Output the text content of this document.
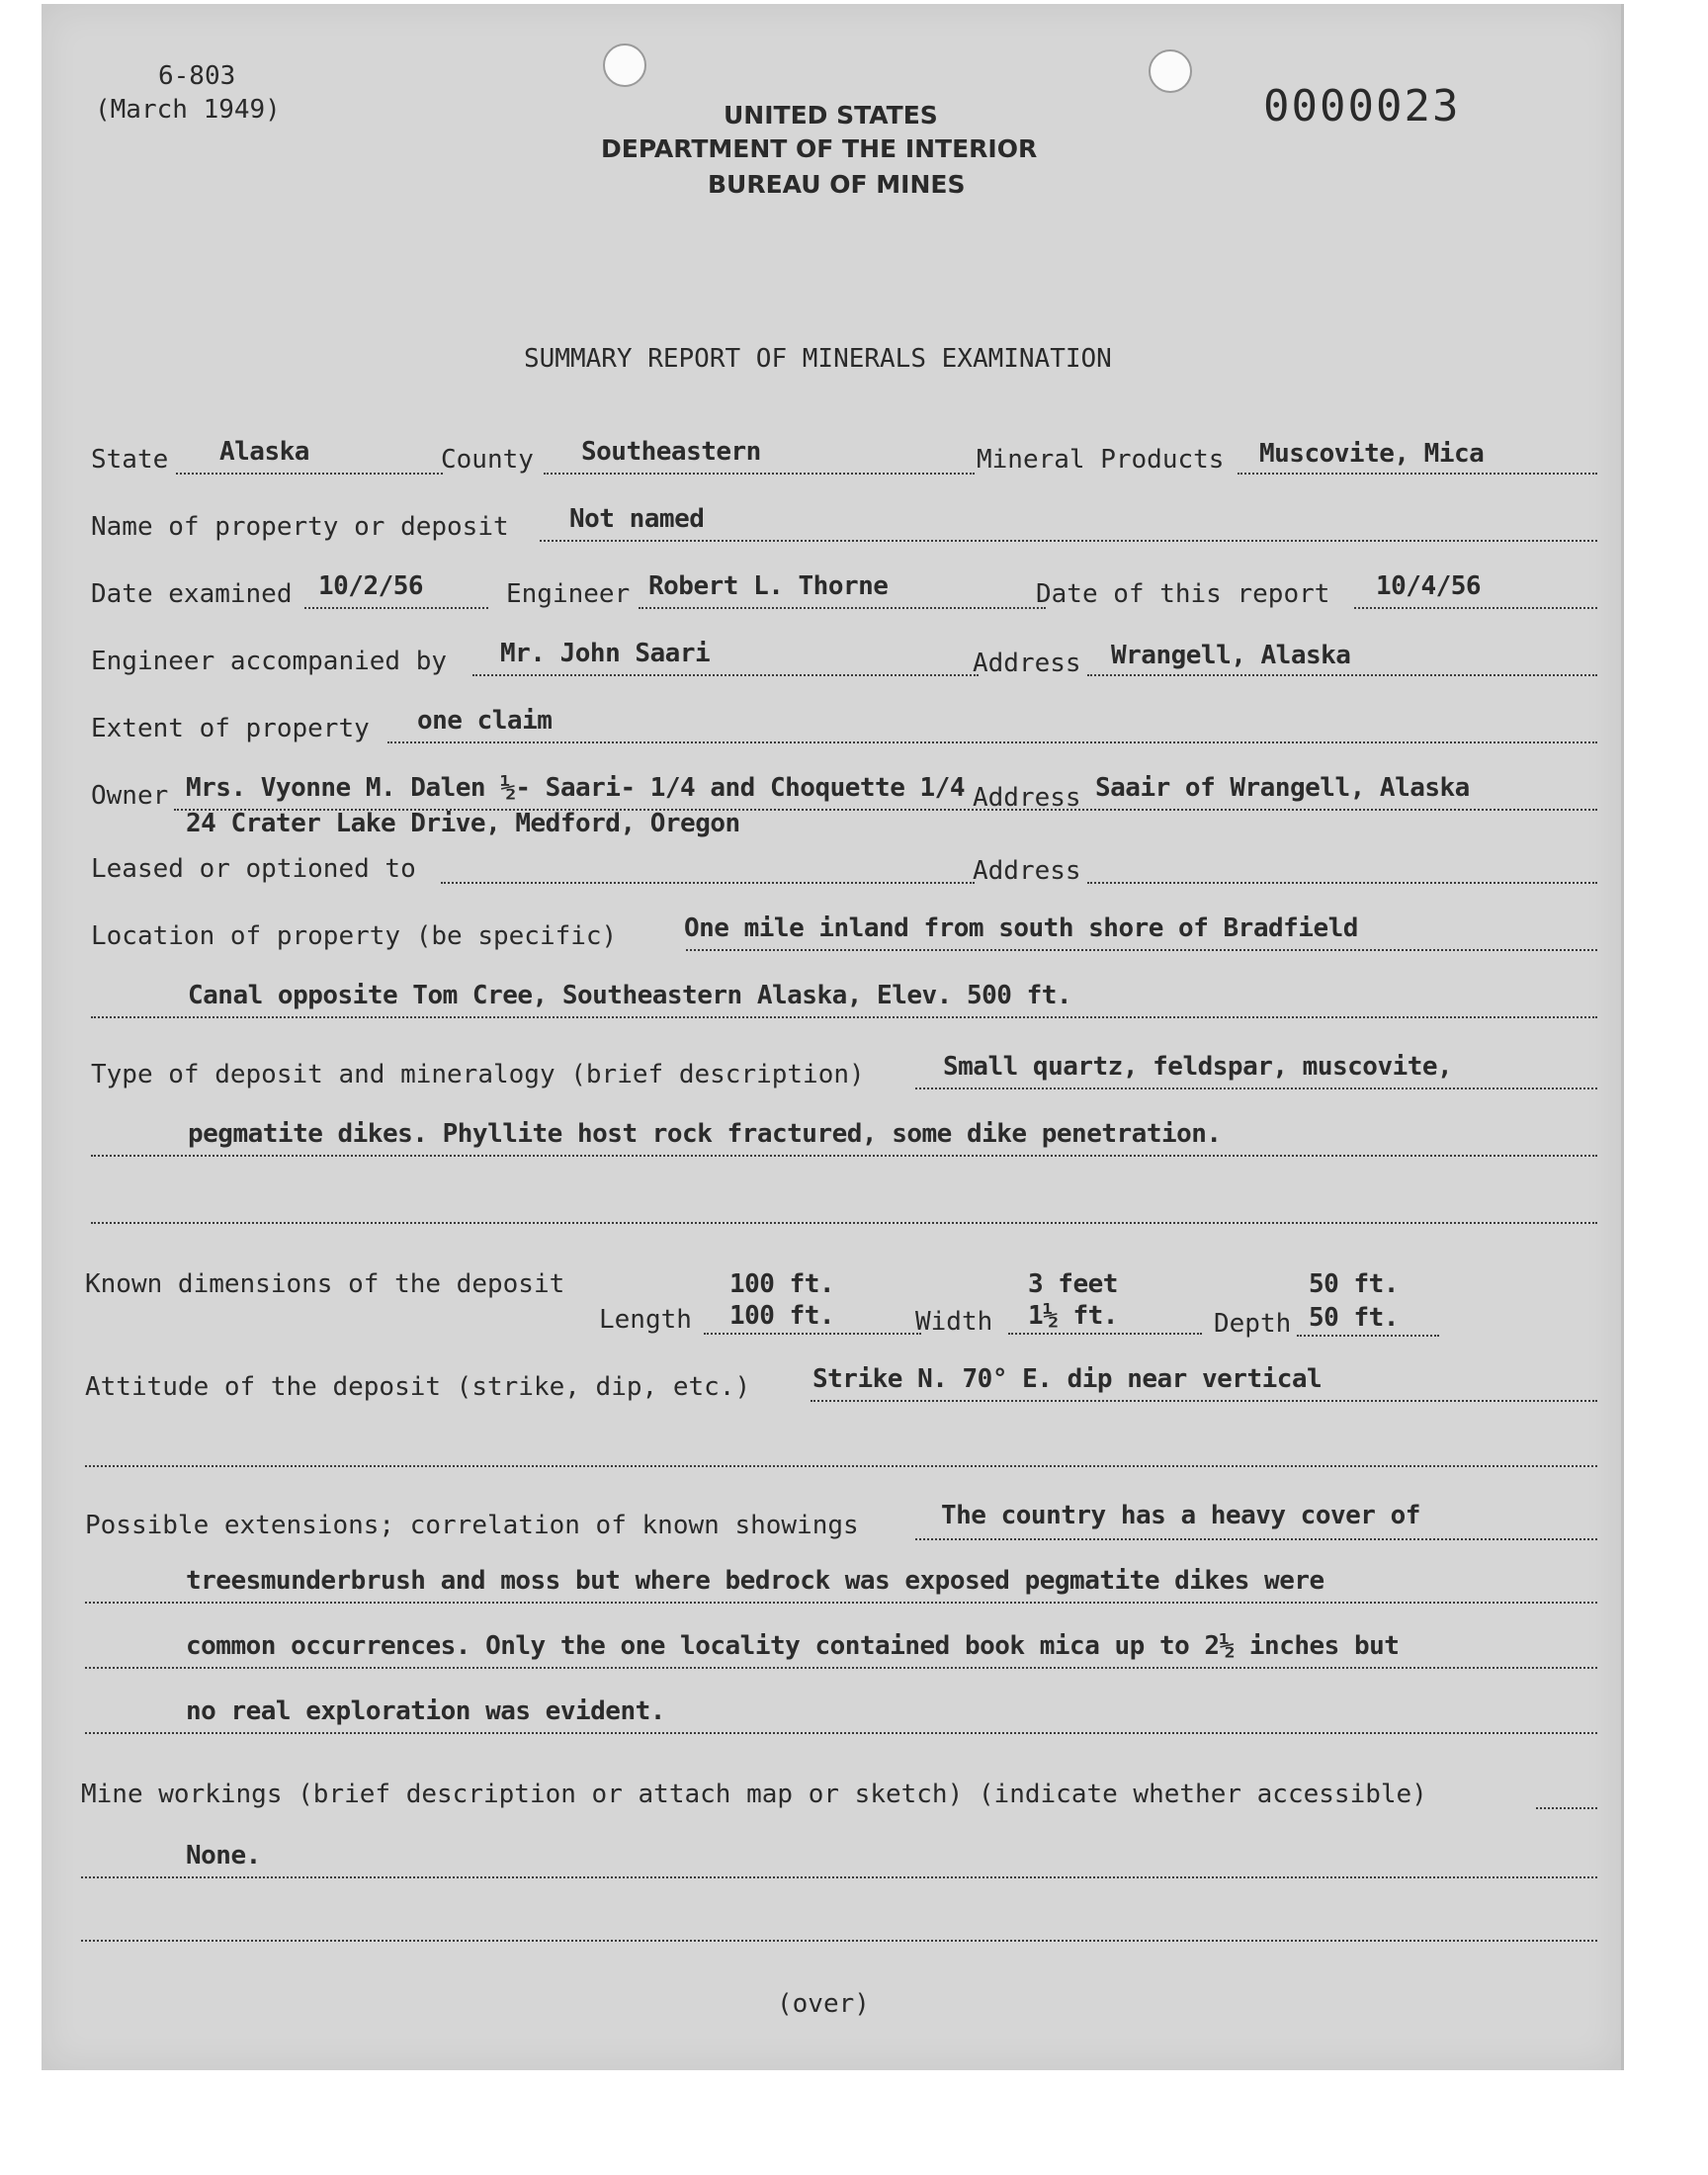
6-803
(March 1949)	0000023
UNITED STATES
DEPARTMENT OF THE INTERIOR
BUREAU OF MINES
SUMMARY REPORT OF MINERALS EXAMINATION
State Alaska	County Southeastern	Mineral Products Muscovite, Mica
Name of property or deposit Not named
Date examined 10/2/56	Engineer Robert L. Thorne	Date of this report 10/4/56
Engineer accompanied by Mr. John Saari	Address Wrangell, Alaska
Extent of property one claim
Owner Mrs. Vyonne M. Dalen ½- Saari- 1/4 and Choquette 1/4 Address Saair of Wrangell, Alaska
24 Crater Lake Drive, Medford, Oregon
Leased or optioned to	Address
Location of property (be specific)	One mile inland from south shore of Bradfield
Canal opposite Tom Cree, Southeastern Alaska, Elev. 500 ft.
Type of deposit and mineralogy (brief description)	Small quartz, feldspar, muscovite,
pegmatite dikes. Phyllite host rock fractured, some dike penetration.
Known dimensions of the deposit	100 ft.	3 feet	50 ft.
Length 100 ft.	Width 1½ ft.	Depth 50 ft.
Attitude of the deposit (strike, dip, etc.) Strike N. 70° E. dip near vertical
Possible extensions; correlation of known showings	The country has a heavy cover of
treesmunderbrush and moss but where bedrock was exposed pegmatite dikes were
common occurrences. Only the one locality contained book mica up to 2½ inches but
no real exploration was evident.
Mine workings (brief description or attach map or sketch) (indicate whether accessible)
None.
(over)
